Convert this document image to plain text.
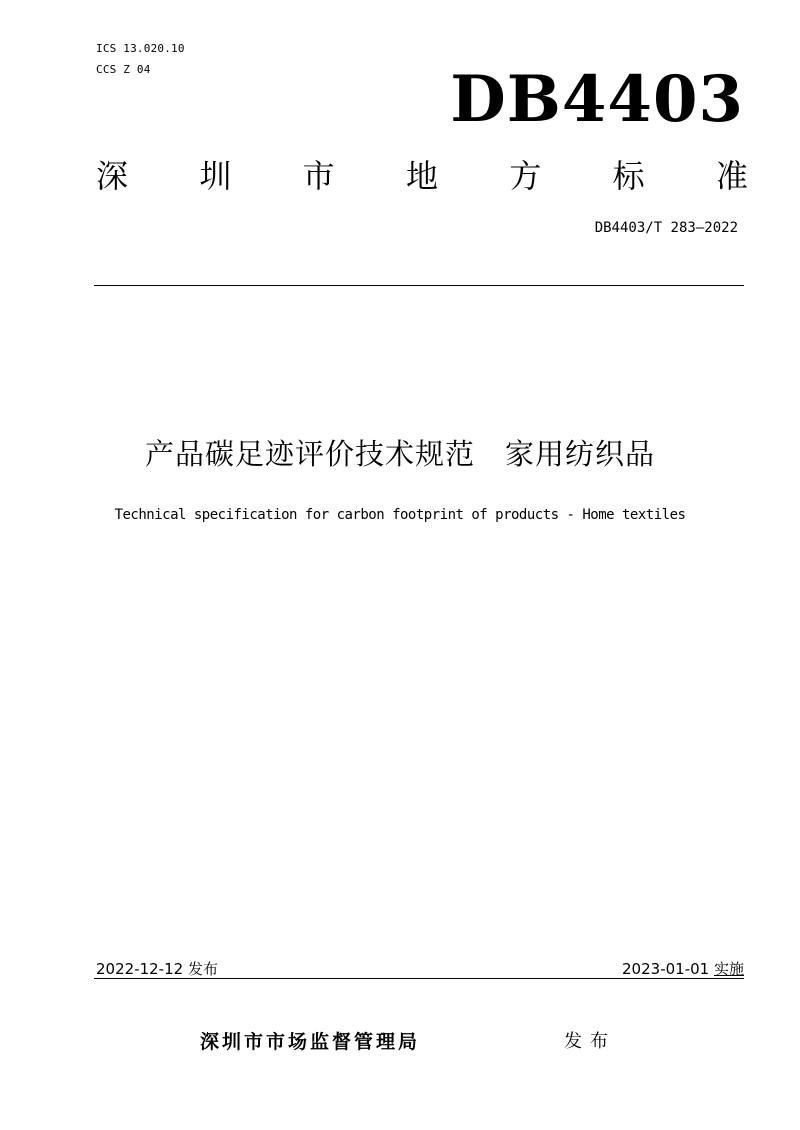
ICS 13.020.10
CCS Z 04	DB4403
深 圳 市 地 方 标 准
DB4403/T 283—2022
产品碳足迹评价技术规范 家用纺织品
Technical specification for carbon footprint of products - Home textiles
2022-12-12 发布	2023-01-01 实施
深圳市市场监督管理局	发布
